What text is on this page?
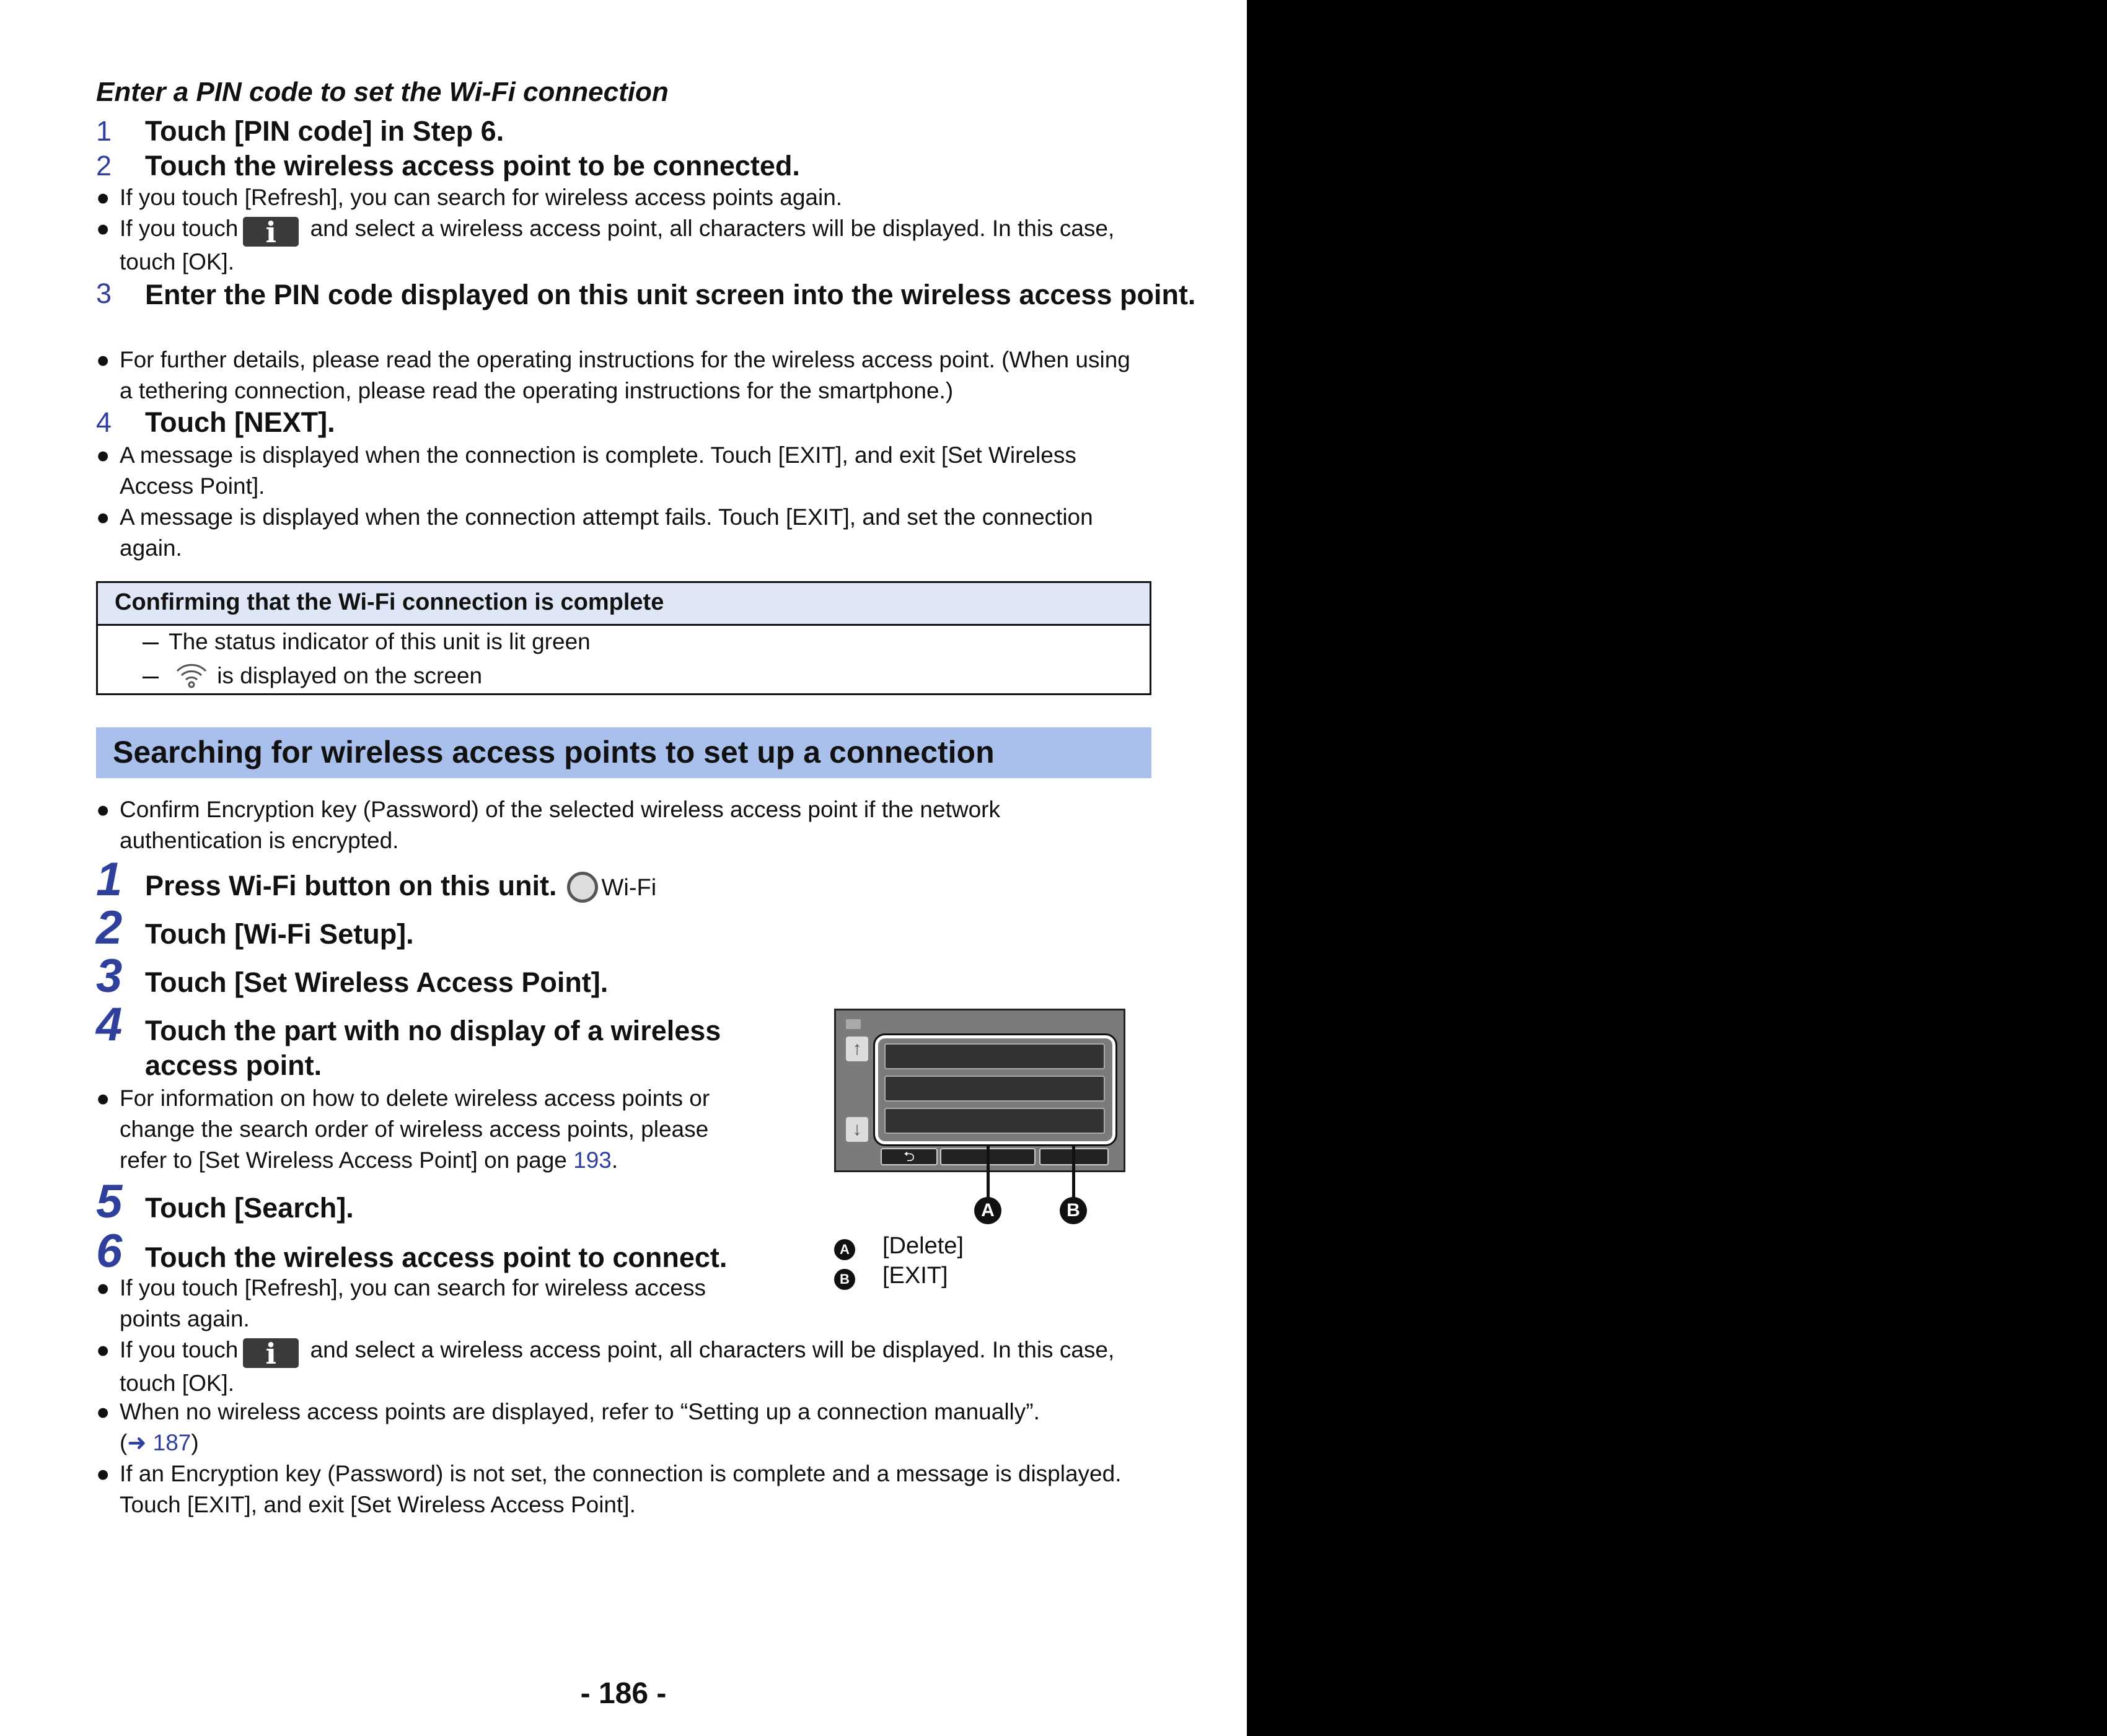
Enter a PIN code to set the Wi-Fi connection
1 Touch [PIN code] in Step 6.
2 Touch the wireless access point to be connected.
● If you touch [Refresh], you can search for wireless access points again.
● If you touch i and select a wireless access point, all characters will be displayed. In this case, touch [OK].
3 Enter the PIN code displayed on this unit screen into the wireless access point.
● For further details, please read the operating instructions for the wireless access point. (When using a tethering connection, please read the operating instructions for the smartphone.)
4 Touch [NEXT].
● A message is displayed when the connection is complete. Touch [EXIT], and exit [Set Wireless Access Point].
● A message is displayed when the connection attempt fails. Touch [EXIT], and set the connection again.
Confirming that the Wi-Fi connection is complete
The status indicator of this unit is lit green
is displayed on the screen
Searching for wireless access points to set up a connection
● Confirm Encryption key (Password) of the selected wireless access point if the network authentication is encrypted.
1 Press Wi-Fi button on this unit. Wi-Fi
2 Touch [Wi-Fi Setup].
3 Touch [Set Wireless Access Point].
4 Touch the part with no display of a wireless
access point.
● For information on how to delete wireless access points or change the search order of wireless access points, please refer to [Set Wireless Access Point] on page 193.
5 Touch [Search].
6 Touch the wireless access point to connect.
● If you touch [Refresh], you can search for wireless access points again.
● If you touch i and select a wireless access point, all characters will be displayed. In this case, touch [OK].
● When no wireless access points are displayed, refer to “Setting up a connection manually”.
(➜ 187)
● If an Encryption key (Password) is not set, the connection is complete and a message is displayed. Touch [EXIT], and exit [Set Wireless Access Point].
↑
↓
⮌
A	B
A [Delete]
B [EXIT]
- 186 -
